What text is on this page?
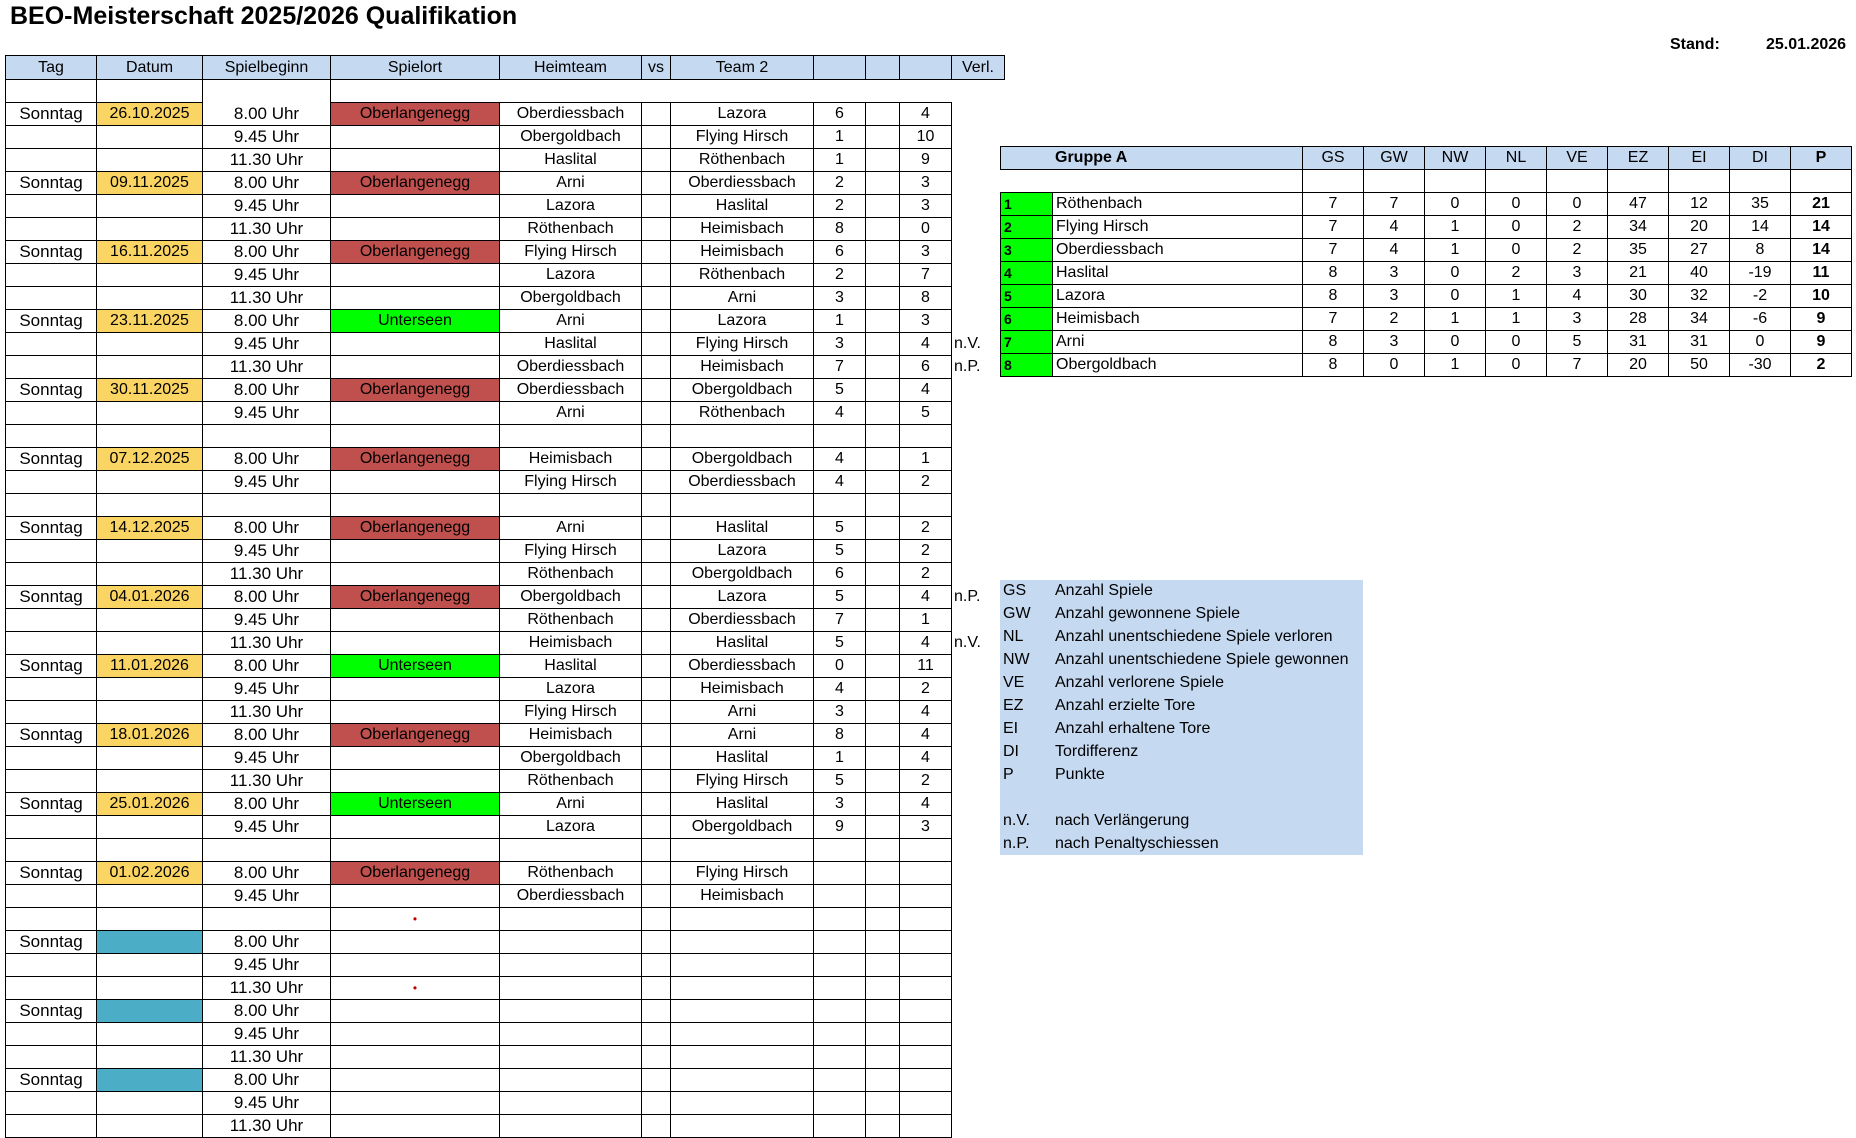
BEO-Meisterschaft 2025/2026 Qualifikation
Stand:	25.01.2026
Tag	Datum	Spielbeginn	Spielort	Heimteam	vs	Team 2				Verl.

Sonntag	26.10.2025	8.00 Uhr	Oberlangenegg	Oberdiessbach		Lazora	6		4	
		9.45 Uhr		Obergoldbach		Flying Hirsch	1		10	
		11.30 Uhr		Haslital		Röthenbach	1		9	
Sonntag	09.11.2025	8.00 Uhr	Oberlangenegg	Arni		Oberdiessbach	2		3	
		9.45 Uhr		Lazora		Haslital	2		3	
		11.30 Uhr		Röthenbach		Heimisbach	8		0	
Sonntag	16.11.2025	8.00 Uhr	Oberlangenegg	Flying Hirsch		Heimisbach	6		3	
		9.45 Uhr		Lazora		Röthenbach	2		7	
		11.30 Uhr		Obergoldbach		Arni	3		8	
Sonntag	23.11.2025	8.00 Uhr	Unterseen	Arni		Lazora	1		3	
		9.45 Uhr		Haslital		Flying Hirsch	3		4	n.V.
		11.30 Uhr		Oberdiessbach		Heimisbach	7		6	n.P.
Sonntag	30.11.2025	8.00 Uhr	Oberlangenegg	Oberdiessbach		Obergoldbach	5		4	
		9.45 Uhr		Arni		Röthenbach	4		5	

Sonntag	07.12.2025	8.00 Uhr	Oberlangenegg	Heimisbach		Obergoldbach	4		1	
		9.45 Uhr		Flying Hirsch		Oberdiessbach	4		2	

Sonntag	14.12.2025	8.00 Uhr	Oberlangenegg	Arni		Haslital	5		2	
		9.45 Uhr		Flying Hirsch		Lazora	5		2	
		11.30 Uhr		Röthenbach		Obergoldbach	6		2	
Sonntag	04.01.2026	8.00 Uhr	Oberlangenegg	Obergoldbach		Lazora	5		4	n.P.
		9.45 Uhr		Röthenbach		Oberdiessbach	7		1	
		11.30 Uhr		Heimisbach		Haslital	5		4	n.V.
Sonntag	11.01.2026	8.00 Uhr	Unterseen	Haslital		Oberdiessbach	0		11	
		9.45 Uhr		Lazora		Heimisbach	4		2	
		11.30 Uhr		Flying Hirsch		Arni	3		4	
Sonntag	18.01.2026	8.00 Uhr	Oberlangenegg	Heimisbach		Arni	8		4	
		9.45 Uhr		Obergoldbach		Haslital	1		4	
		11.30 Uhr		Röthenbach		Flying Hirsch	5		2	
Sonntag	25.01.2026	8.00 Uhr	Unterseen	Arni		Haslital	3		4	
		9.45 Uhr		Lazora		Obergoldbach	9		3	

Sonntag	01.02.2026	8.00 Uhr	Oberlangenegg	Röthenbach		Flying Hirsch				
		9.45 Uhr		Oberdiessbach		Heimisbach				
			•							
Sonntag		8.00 Uhr								
		9.45 Uhr								
		11.30 Uhr	•							
Sonntag		8.00 Uhr								
		9.45 Uhr								
		11.30 Uhr								
Sonntag		8.00 Uhr								
		9.45 Uhr								
		11.30 Uhr								
Gruppe A		GS	GW	NW	NL	VE	EZ	EI	DI	P

1	Röthenbach	7	7	0	0	0	47	12	35	21
2	Flying Hirsch	7	4	1	0	2	34	20	14	14
3	Oberdiessbach	7	4	1	0	2	35	27	8	14
4	Haslital	8	3	0	2	3	21	40	-19	11
5	Lazora	8	3	0	1	4	30	32	-2	10
6	Heimisbach	7	2	1	1	3	28	34	-6	9
7	Arni	8	3	0	0	5	31	31	0	9
8	Obergoldbach	8	0	1	0	7	20	50	-30	2
GS Anzahl Spiele
GW Anzahl gewonnene Spiele
NL Anzahl unentschiedene Spiele verloren
NW Anzahl unentschiedene Spiele gewonnen
VE Anzahl verlorene Spiele
EZ Anzahl erzielte Tore
EI Anzahl erhaltene Tore
DI Tordifferenz
P	Punkte
n.V. nach Verlängerung
n.P. nach Penaltyschiessen
